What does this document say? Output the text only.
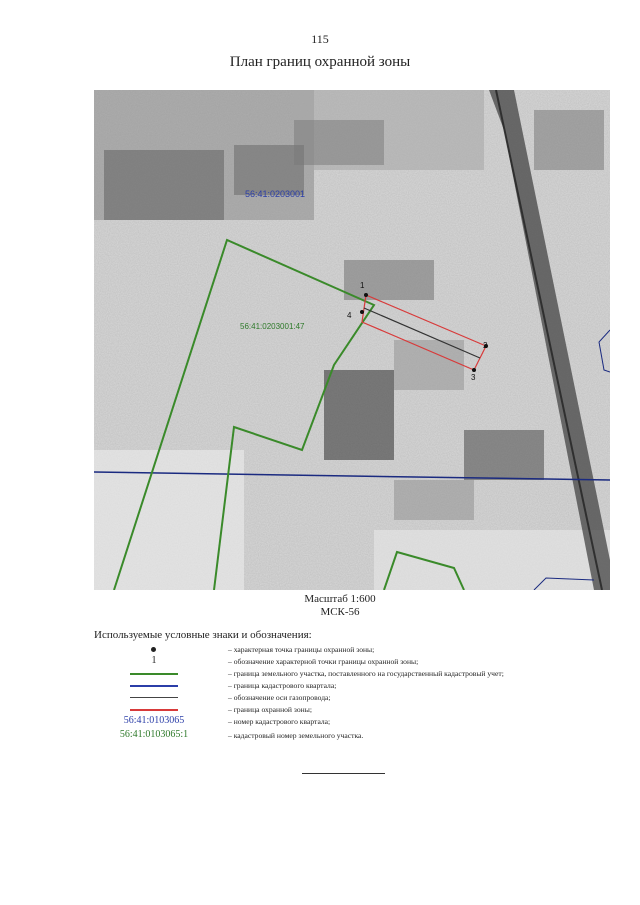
115
План границ охранной зоны
1
2
3
4
56:41:0203001
56:41:0203001:47
Масштаб 1:600
МСК-56
Используемые условные знаки и обозначения:
– характерная точка границы охранной зоны;
1	– обозначение характерной точки границы охранной зоны;
– граница земельного участка, поставленного на государственный кадастровый учет;
– граница кадастрового квартала;
– обозначение оси газопровода;
– граница охранной зоны;
56:41:0103065	– номер кадастрового квартала;
56:41:0103065:1	– кадастровый номер земельного участка.
